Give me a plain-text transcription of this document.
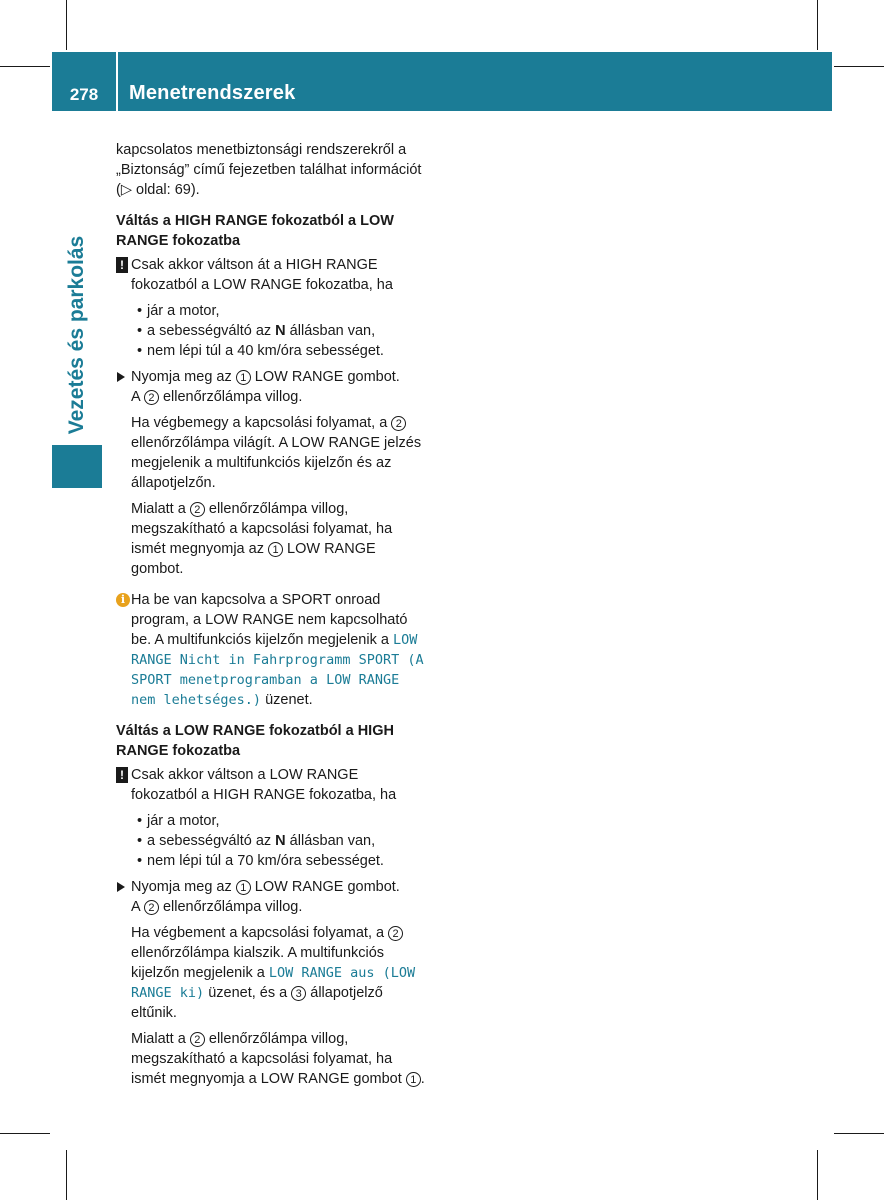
278	Menetrendszerek
Vezetés és parkolás

kapcsolatos menetbiztonsági rendszerekről a „Biztonság” című fejezetben találhat információt (▷ oldal: 69).

Váltás a HIGH RANGE fokozatból a LOW RANGE fokozatba

! Csak akkor váltson át a HIGH RANGE fokozatból a LOW RANGE fokozatba, ha

• jár a motor,

• a sebességváltó az N állásban van,

• nem lépi túl a 40 km/óra sebességet.

Nyomja meg az 1 LOW RANGE gombot.

A 2 ellenőrzőlámpa villog.

Ha végbemegy a kapcsolási folyamat, a 2 ellenőrzőlámpa világít. A LOW RANGE jelzés megjelenik a multifunkciós kijelzőn és az állapotjelzőn.

Mialatt a 2 ellenőrzőlámpa villog, megszakítható a kapcsolási folyamat, ha ismét megnyomja az 1 LOW RANGE gombot.

i Ha be van kapcsolva a SPORT onroad program, a LOW RANGE nem kapcsolható be. A multifunkciós kijelzőn megjelenik a LOW RANGE Nicht in Fahrprogramm SPORT (A SPORT menetprogramban a LOW RANGE nem lehetséges.) üzenet.

Váltás a LOW RANGE fokozatból a HIGH RANGE fokozatba

! Csak akkor váltson a LOW RANGE fokozatból a HIGH RANGE fokozatba, ha

• jár a motor,

• a sebességváltó az N állásban van,

• nem lépi túl a 70 km/óra sebességet.

Nyomja meg az 1 LOW RANGE gombot.

A 2 ellenőrzőlámpa villog.

Ha végbement a kapcsolási folyamat, a 2 ellenőrzőlámpa kialszik. A multifunkciós kijelzőn megjelenik a LOW RANGE aus (LOW RANGE ki) üzenet, és a 3 állapotjelző eltűnik.

Mialatt a 2 ellenőrzőlámpa villog, megszakítható a kapcsolási folyamat, ha ismét megnyomja a LOW RANGE gombot 1 .
